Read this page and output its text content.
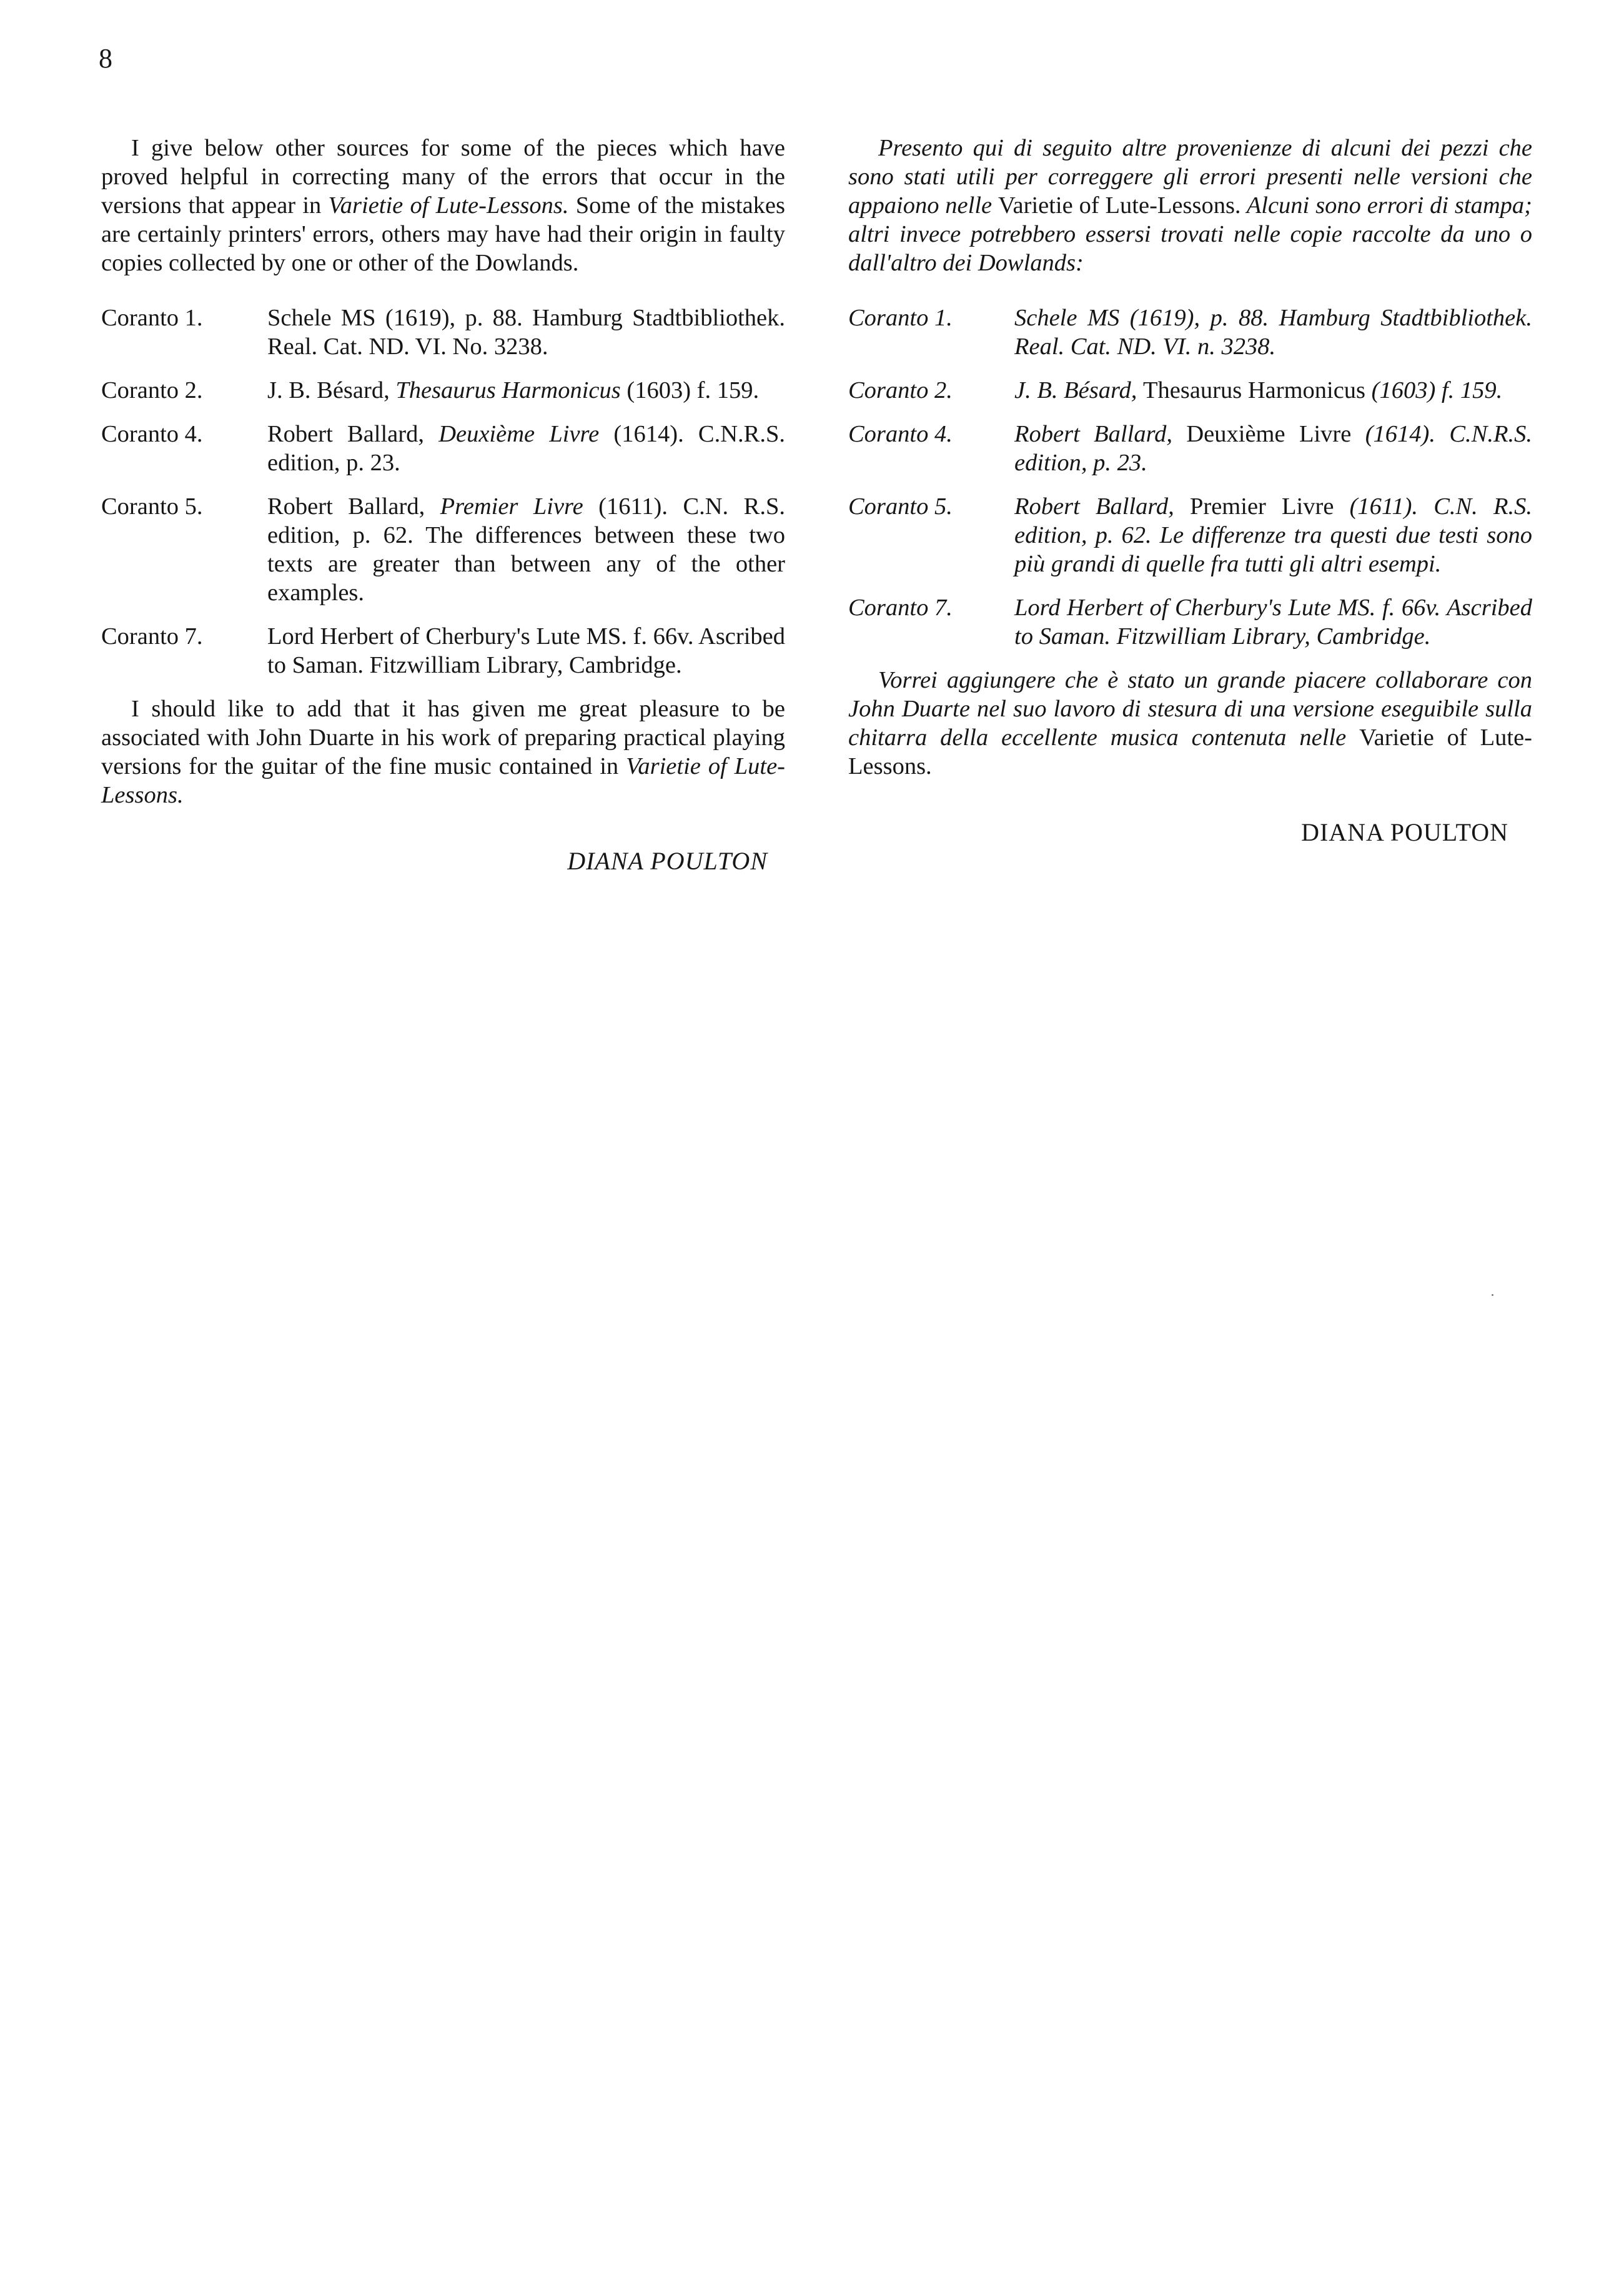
8

I give below other sources for some of the pieces which have proved helpful in correcting many of the errors that occur in the versions that appear in Varietie of Lute-Lessons. Some of the mistakes are certainly printers' errors, others may have had their origin in faulty copies collected by one or other of the Dowlands.

Coranto 1.	Schele MS (1619), p. 88. Hamburg Stadtbibliothek. Real. Cat. ND. VI. No. 3238.
Coranto 2.	J. B. Bésard, Thesaurus Harmonicus (1603) f. 159.
Coranto 4.	Robert Ballard, Deuxième Livre (1614). C.N.R.S. edition, p. 23.
Coranto 5.	Robert Ballard, Premier Livre (1611). C.N. R.S. edition, p. 62. The differences between these two texts are greater than between any of the other examples.
Coranto 7.	Lord Herbert of Cherbury's Lute MS. f. 66v. Ascribed to Saman. Fitzwilliam Library, Cambridge.

I should like to add that it has given me great pleasure to be associated with John Duarte in his work of preparing practical playing versions for the guitar of the fine music contained in Varietie of Lute-Lessons.

DIANA POULTON

Presento qui di seguito altre provenienze di alcuni dei pezzi che sono stati utili per correggere gli errori presenti nelle versioni che appaiono nelle Varietie of Lute-Lessons. Alcuni sono errori di stampa; altri invece potrebbero essersi trovati nelle copie raccolte da uno o dall'altro dei Dowlands:

Coranto 1.	Schele MS (1619), p. 88. Hamburg Stadtbibliothek. Real. Cat. ND. VI. n. 3238.
Coranto 2.	J. B. Bésard, Thesaurus Harmonicus (1603) f. 159.
Coranto 4.	Robert Ballard, Deuxième Livre (1614). C.N.R.S. edition, p. 23.
Coranto 5.	Robert Ballard, Premier Livre (1611). C.N. R.S. edition, p. 62. Le differenze tra questi due testi sono più grandi di quelle fra tutti gli altri esempi.
Coranto 7.	Lord Herbert of Cherbury's Lute MS. f. 66v. Ascribed to Saman. Fitzwilliam Library, Cambridge.

Vorrei aggiungere che è stato un grande piacere collaborare con John Duarte nel suo lavoro di stesura di una versione eseguibile sulla chitarra della eccellente musica contenuta nelle Varietie of Lute-Lessons.

DIANA POULTON
